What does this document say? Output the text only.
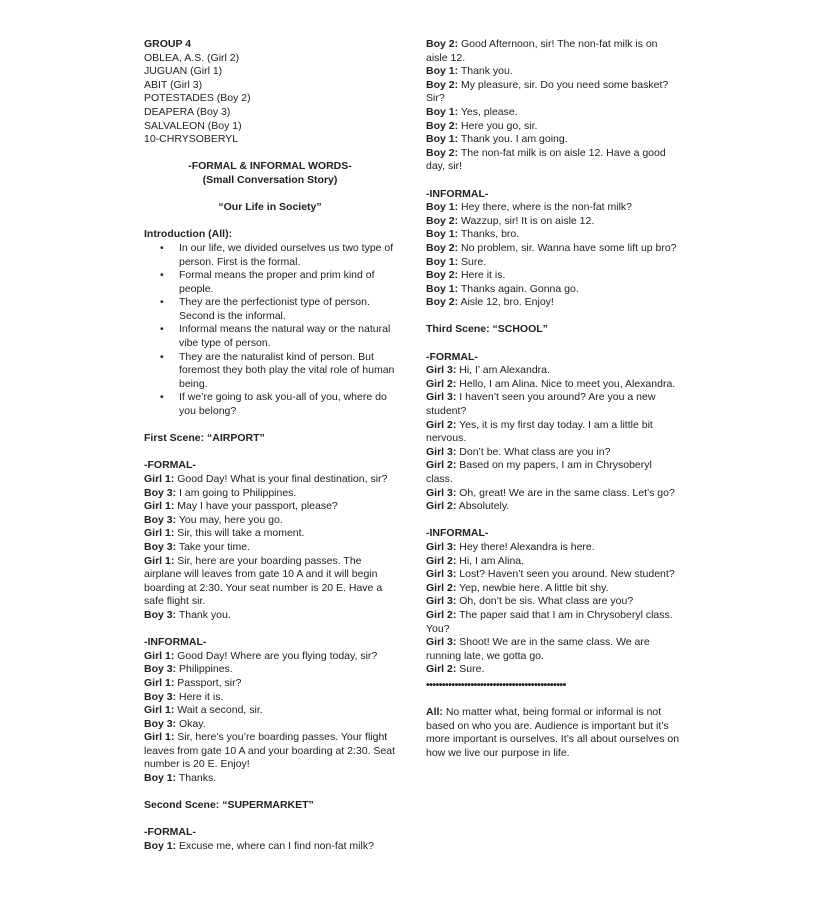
GROUP 4

OBLEA, A.S. (Girl 2)

JUGUAN (Girl 1)

ABIT (Girl 3)

POTESTADES (Boy 2)

DEAPERA (Boy 3)

SALVALEON (Boy 1)

10-CHRYSOBERYL

-FORMAL & INFORMAL WORDS-

(Small Conversation Story)

“Our Life in Society”

Introduction (All):

• In our life, we divided ourselves us two type of person. First is the formal.
• Formal means the proper and prim kind of people.
• They are the perfectionist type of person. Second is the informal.
• Informal means the natural way or the natural vibe type of person.
• They are the naturalist kind of person. But foremost they both play the vital role of human being.
• If we’re going to ask you-all of you, where do you belong?

First Scene: “AIRPORT”

-FORMAL-

Girl 1: Good Day! What is your final destination, sir?

Boy 3: I am going to Philippines.

Girl 1: May I have your passport, please?

Boy 3: You may, here you go.

Girl 1: Sir, this will take a moment.

Boy 3: Take your time.

Girl 1: Sir, here are your boarding passes. The airplane will leaves from gate 10 A and it will begin boarding at 2:30. Your seat number is 20 E. Have a safe flight sir.

Boy 3: Thank you.

-INFORMAL-

Girl 1: Good Day! Where are you flying today, sir?

Boy 3: Philippines.

Girl 1: Passport, sir?

Boy 3: Here it is.

Girl 1: Wait a second, sir.

Boy 3: Okay.

Girl 1: Sir, here’s you’re boarding passes. Your flight leaves from gate 10 A and your boarding at 2:30. Seat number is 20 E. Enjoy!

Boy 1: Thanks.

Second Scene: “SUPERMARKET”

-FORMAL-

Boy 1: Excuse me, where can I find non-fat milk?

Boy 2: Good Afternoon, sir! The non-fat milk is on aisle 12.

Boy 1: Thank you.

Boy 2: My pleasure, sir. Do you need some basket? Sir?

Boy 1: Yes, please.

Boy 2: Here you go, sir.

Boy 1: Thank you. I am going.

Boy 2: The non-fat milk is on aisle 12. Have a good day, sir!

-INFORMAL-

Boy 1: Hey there, where is the non-fat milk?

Boy 2: Wazzup, sir! It is on aisle 12.

Boy 1: Thanks, bro.

Boy 2: No problem, sir. Wanna have some lift up bro?

Boy 1: Sure.

Boy 2: Here it is.

Boy 1: Thanks again. Gonna go.

Boy 2: Aisle 12, bro. Enjoy!

Third Scene: “SCHOOL”

-FORMAL-

Girl 3: Hi, I’ am Alexandra.

Girl 2: Hello, I am Alina. Nice to meet you, Alexandra.

Girl 3: I haven’t seen you around? Are you a new student?

Girl 2: Yes, it is my first day today. I am a little bit nervous.

Girl 3: Don’t be. What class are you in?

Girl 2: Based on my papers, I am in Chrysoberyl class.

Girl 3: Oh, great! We are in the same class. Let’s go?

Girl 2: Absolutely.

-INFORMAL-

Girl 3: Hey there! Alexandra is here.

Girl 2: Hi, I am Alina.

Girl 3: Lost? Haven’t seen you around. New student?

Girl 2: Yep, newbie here. A little bit shy.

Girl 3: Oh, don’t be sis. What class are you?

Girl 2: The paper said that I am in Chrysoberyl class. You?

Girl 3: Shoot! We are in the same class. We are running late, we gotta go.

Girl 2: Sure.

••••••••••••••••••••••••••••••••••••••••••••

All: No matter what, being formal or informal is not based on who you are. Audience is important but it’s more important is ourselves. It’s all about ourselves on how we live our purpose in life.
